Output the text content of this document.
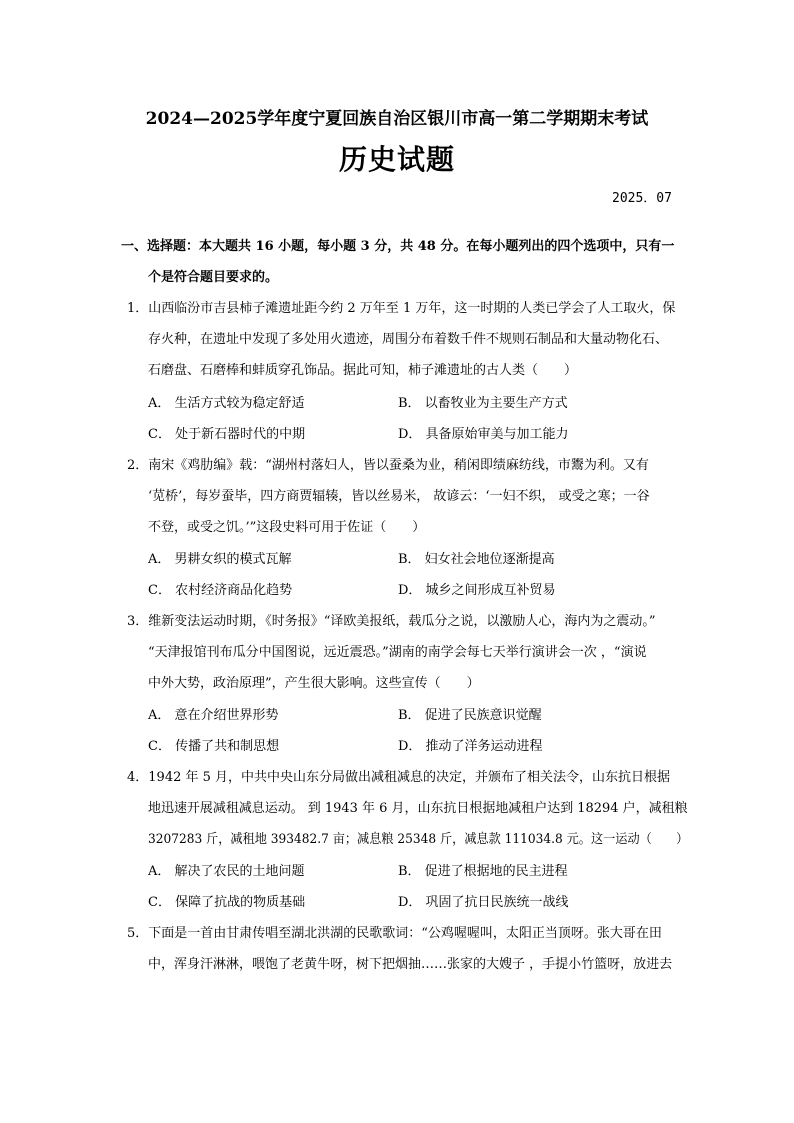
2024—2025学年度宁夏回族自治区银川市高一第二学期期末考试
历史试题
2025．07
一、选择题：本大题共 16 小题，每小题 3 分，共 48 分。在每小题列出的四个选项中，只有一
个是符合题目要求的。
1．山西临汾市吉县柿子滩遗址距今约 2 万年至 1 万年，这一时期的人类已学会了人工取火，保
存火种，在遗址中发现了多处用火遗迹，周围分布着数千件不规则石制品和大量动物化石、
石磨盘、石磨棒和蚌质穿孔饰品。据此可知，柿子滩遗址的古人类（　　）
A． 生活方式较为稳定舒适	B． 以畜牧业为主要生产方式
C． 处于新石器时代的中期	D． 具备原始审美与加工能力
2．南宋《鸡肋编》载：“湖州村落妇人，皆以蚕桑为业，稍闲即绩麻纺线，市鬻为利。又有
‘苋桥’，每岁蚕毕，四方商贾辐辏，皆以丝易米， 故谚云：‘一妇不织， 或受之寒；一谷
不登，或受之饥。’”这段史料可用于佐证（　　）
A． 男耕女织的模式瓦解	B． 妇女社会地位逐渐提高
C． 农村经济商品化趋势	D． 城乡之间形成互补贸易
3．维新变法运动时期，《时务报》“译欧美报纸，载瓜分之说，以激励人心，海内为之震动。”
“天津报馆刊布瓜分中国图说，远近震恐。”湖南的南学会每七天举行演讲会一次 ，“演说
中外大势，政治原理”，产生很大影响。这些宣传（　　）
A． 意在介绍世界形势	B． 促进了民族意识觉醒
C． 传播了共和制思想	D． 推动了洋务运动进程
4．1942 年 5 月，中共中央山东分局做出减租减息的决定，并颁布了相关法令，山东抗日根据
地迅速开展减租减息运动。 到 1943 年 6 月，山东抗日根据地减租户达到 18294 户，减租粮
3207283 斤，减租地 393482.7 亩；减息粮 25348 斤，减息款 111034.8 元。这一运动（　　）
A． 解决了农民的土地问题	B． 促进了根据地的民主进程
C． 保障了抗战的物质基础	D． 巩固了抗日民族统一战线
5．下面是一首由甘肃传唱至湖北洪湖的民歌歌词：“公鸡喔喔叫，太阳正当顶呀。张大哥在田
中，浑身汗淋淋，喂饱了老黄牛呀，树下把烟抽……张家的大嫂子 ，手提小竹篮呀，放进去
